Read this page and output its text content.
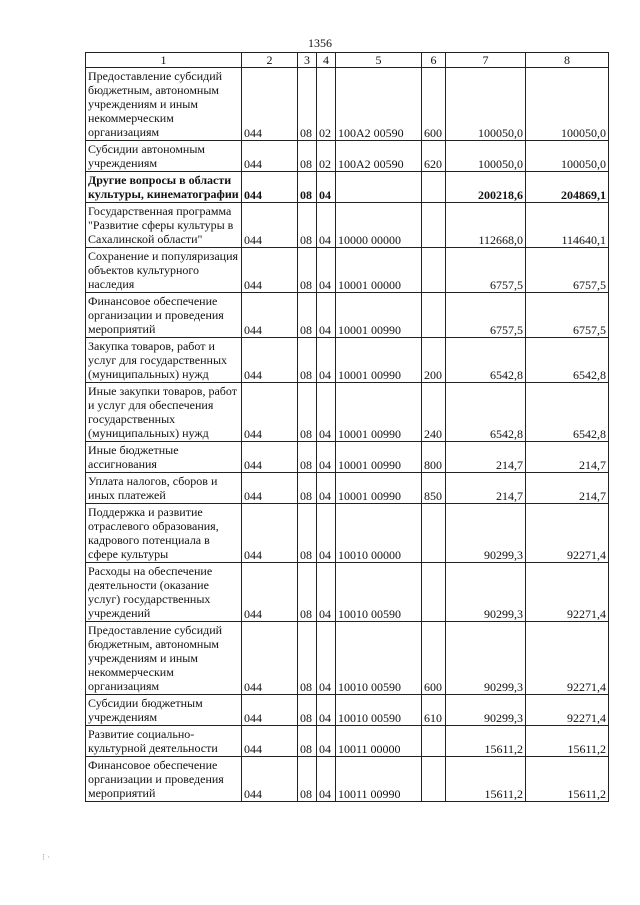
1356
1	2	3	4	5	6	7	8
Предоставление субсидий бюджетным, автономным учреждениям и иным некоммерческим организациям	044	08	02	100А2 00590	600	100050,0	100050,0
Субсидии автономным учреждениям	044	08	02	100А2 00590	620	100050,0	100050,0
Другие вопросы в области культуры, кинематографии	044	08	04			200218,6	204869,1
Государственная программа "Развитие сферы культуры в Сахалинской области"	044	08	04	10000 00000		112668,0	114640,1
Сохранение и популяризация объектов культурного наследия	044	08	04	10001 00000		6757,5	6757,5
Финансовое обеспечение организации и проведения мероприятий	044	08	04	10001 00990		6757,5	6757,5
Закупка товаров, работ и услуг для государственных (муниципальных) нужд	044	08	04	10001 00990	200	6542,8	6542,8
Иные закупки товаров, работ и услуг для обеспечения государственных (муниципальных) нужд	044	08	04	10001 00990	240	6542,8	6542,8
Иные бюджетные ассигнования	044	08	04	10001 00990	800	214,7	214,7
Уплата налогов, сборов и иных платежей	044	08	04	10001 00990	850	214,7	214,7
Поддержка и развитие отраслевого образования, кадрового потенциала в сфере культуры	044	08	04	10010 00000		90299,3	92271,4
Расходы на обеспечение деятельности (оказание услуг) государственных учреждений	044	08	04	10010 00590		90299,3	92271,4
Предоставление субсидий бюджетным, автономным учреждениям и иным некоммерческим организациям	044	08	04	10010 00590	600	90299,3	92271,4
Субсидии бюджетным учреждениям	044	08	04	10010 00590	610	90299,3	92271,4
Развитие социально-культурной деятельности	044	08	04	10011 00000		15611,2	15611,2
Финансовое обеспечение организации и проведения мероприятий	044	08	04	10011 00990		15611,2	15611,2
⁝ ·
